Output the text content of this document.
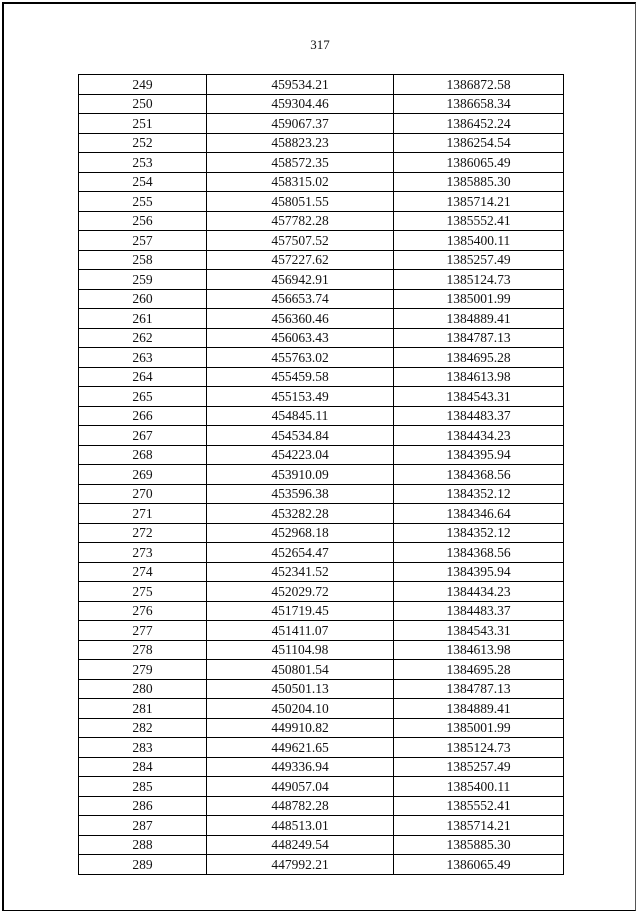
317
249	459534.21	1386872.58
250	459304.46	1386658.34
251	459067.37	1386452.24
252	458823.23	1386254.54
253	458572.35	1386065.49
254	458315.02	1385885.30
255	458051.55	1385714.21
256	457782.28	1385552.41
257	457507.52	1385400.11
258	457227.62	1385257.49
259	456942.91	1385124.73
260	456653.74	1385001.99
261	456360.46	1384889.41
262	456063.43	1384787.13
263	455763.02	1384695.28
264	455459.58	1384613.98
265	455153.49	1384543.31
266	454845.11	1384483.37
267	454534.84	1384434.23
268	454223.04	1384395.94
269	453910.09	1384368.56
270	453596.38	1384352.12
271	453282.28	1384346.64
272	452968.18	1384352.12
273	452654.47	1384368.56
274	452341.52	1384395.94
275	452029.72	1384434.23
276	451719.45	1384483.37
277	451411.07	1384543.31
278	451104.98	1384613.98
279	450801.54	1384695.28
280	450501.13	1384787.13
281	450204.10	1384889.41
282	449910.82	1385001.99
283	449621.65	1385124.73
284	449336.94	1385257.49
285	449057.04	1385400.11
286	448782.28	1385552.41
287	448513.01	1385714.21
288	448249.54	1385885.30
289	447992.21	1386065.49
